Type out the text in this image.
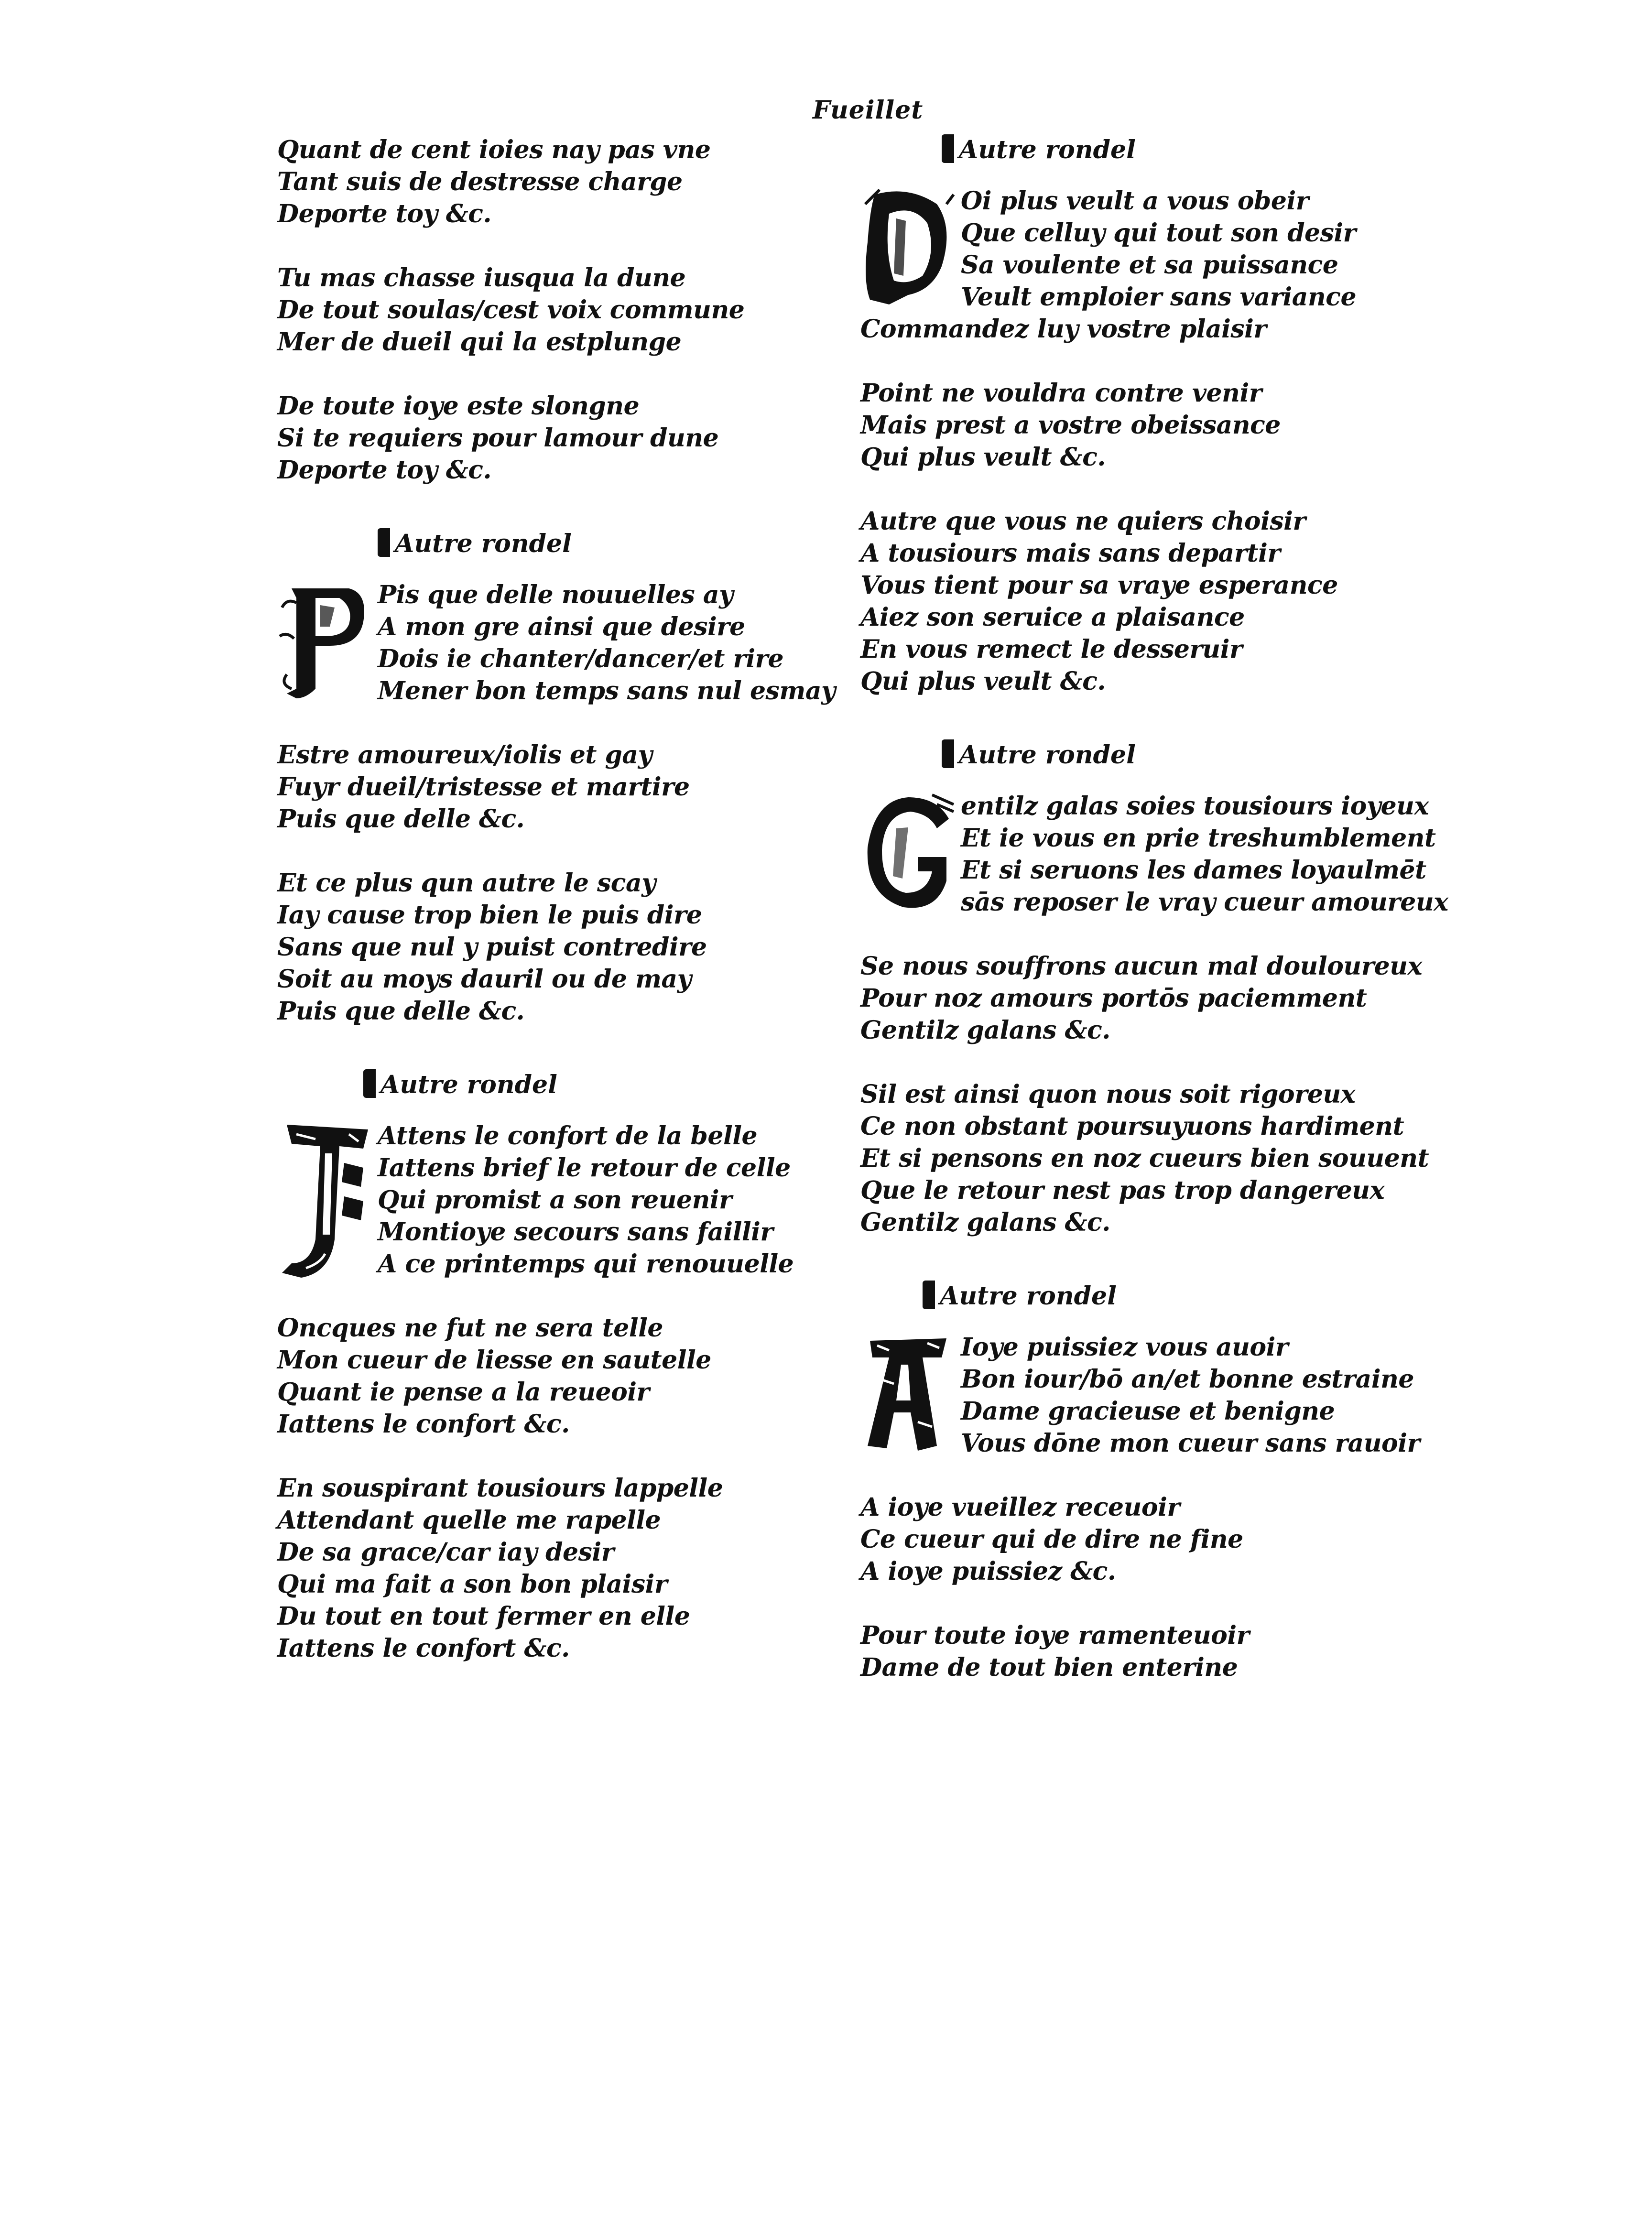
Fueillet
Quant de cent ioies nay pas vne
Tant suis de destresse charge
Deporte toy &c.
Tu mas chasse iusqua la dune
De tout soulas/cest voix commune
Mer de dueil qui la estplunge
De toute ioye este slongne
Si te requiers pour lamour dune
Deporte toy &c.
Autre rondel
Pis que delle nouuelles ay
A mon gre ainsi que desire
Dois ie chanter/dancer/et rire
Mener bon temps sans nul esmay
Estre amoureux/iolis et gay
Fuyr dueil/tristesse et martire
Puis que delle &c.
Et ce plus qun autre le scay
Iay cause trop bien le puis dire
Sans que nul y puist contredire
Soit au moys dauril ou de may
Puis que delle &c.
Autre rondel
Attens le confort de la belle
Iattens brief le retour de celle
Qui promist a son reuenir
Montioye secours sans faillir
A ce printemps qui renouuelle
Oncques ne fut ne sera telle
Mon cueur de liesse en sautelle
Quant ie pense a la reueoir
Iattens le confort &c.
En souspirant tousiours lappelle
Attendant quelle me rapelle
De sa grace/car iay desir
Qui ma fait a son bon plaisir
Du tout en tout fermer en elle
Iattens le confort &c.
Autre rondel
Oi plus veult a vous obeir
Que celluy qui tout son desir
Sa voulente et sa puissance
Veult emploier sans variance
Commandez luy vostre plaisir
Point ne vouldra contre venir
Mais prest a vostre obeissance
Qui plus veult &c.
Autre que vous ne quiers choisir
A tousiours mais sans departir
Vous tient pour sa vraye esperance
Aiez son seruice a plaisance
En vous remect le desseruir
Qui plus veult &c.
Autre rondel
entilz galas soies tousiours ioyeux
Et ie vous en prie treshumblement
Et si seruons les dames loyaulmēt
sās reposer le vray cueur amoureux
Se nous souffrons aucun mal douloureux
Pour noz amours portōs paciemment
Gentilz galans &c.
Sil est ainsi quon nous soit rigoreux
Ce non obstant poursuyuons hardiment
Et si pensons en noz cueurs bien souuent
Que le retour nest pas trop dangereux
Gentilz galans &c.
Autre rondel
Ioye puissiez vous auoir
Bon iour/bō an/et bonne estraine
Dame gracieuse et benigne
Vous dōne mon cueur sans rauoir
A ioye vueillez receuoir
Ce cueur qui de dire ne fine
A ioye puissiez &c.
Pour toute ioye ramenteuoir
Dame de tout bien enterine
